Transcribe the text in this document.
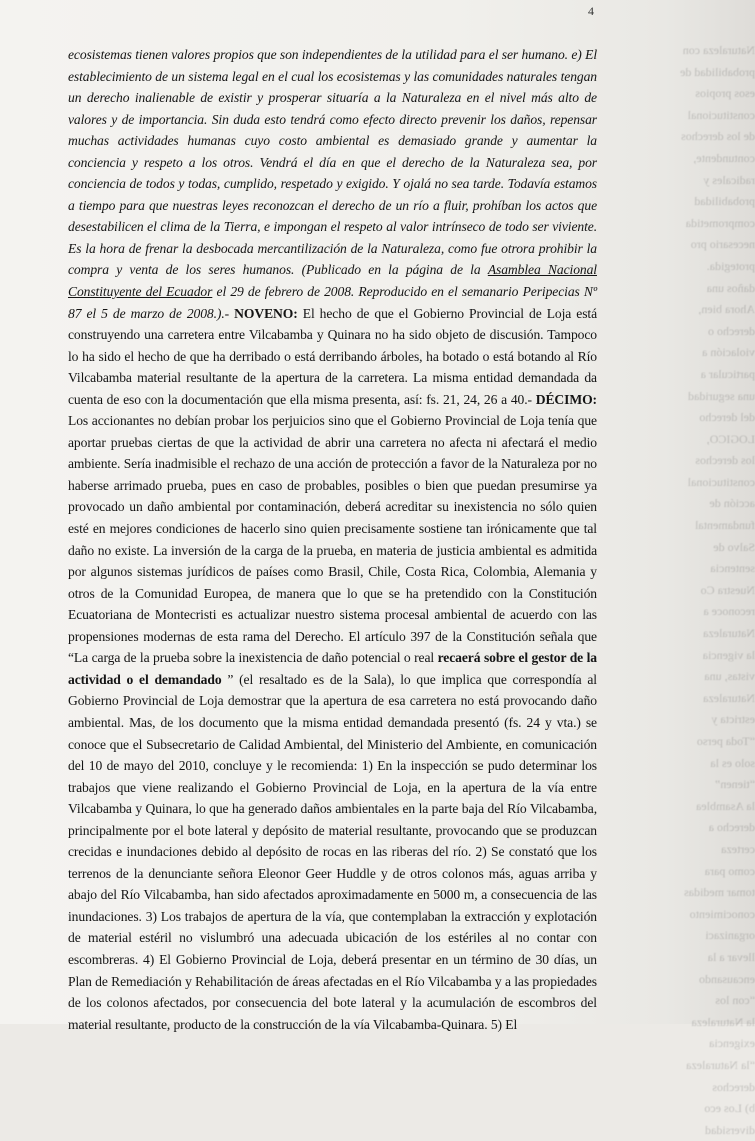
Naturaleza con
probabilidad de
esos propios
constitucional
de los derechos
contundente,
radicales y
probabilidad
comprometida
necesario pro
protegida.
daños una
Ahora bien,
derecho o
violación a
particular a
una seguridad
del derecho
LOGICO,
los derechos
constitucional
acción de
fundamental
Salvo de
sentencia
Nuestra Co
reconoce a
Naturaleza
la vigencia
vistas, una
Naturaleza
estricta y
“Toda perso
solo es la
“tienen”
la Asamblea
derecho a
certeza
como para
tomar medidas
conocimiento
organizaci
llevar a la
encausando
“con los
la Naturaleza
exigencia
“la Naturaleza
derechos
b) Los eco
diversidad
4

ecosistemas tienen valores propios que son independientes de la utilidad para el ser humano. e) El establecimiento de un sistema legal en el cual los ecosistemas y las comunidades naturales tengan un derecho inalienable de existir y prosperar situaría a la Naturaleza en el nivel más alto de valores y de importancia. Sin duda esto tendrá como efecto directo prevenir los daños, repensar muchas actividades humanas cuyo costo ambiental es demasiado grande y aumentar la conciencia y respeto a los otros. Vendrá el día en que el derecho de la Naturaleza sea, por conciencia de todos y todas, cumplido, respetado y exigido. Y ojalá no sea tarde. Todavía estamos a tiempo para que nuestras leyes reconozcan el derecho de un río a fluir, prohíban los actos que desestabilicen el clima de la Tierra, e impongan el respeto al valor intrínseco de todo ser viviente. Es la hora de frenar la desbocada mercantilización de la Naturaleza, como fue otrora prohibir la compra y venta de los seres humanos. (Publicado en la página de la Asamblea Nacional Constituyente del Ecuador el 29 de febrero de 2008. Reproducido en el semanario Peripecias Nº 87 el 5 de marzo de 2008.).- NOVENO: El hecho de que el Gobierno Provincial de Loja está construyendo una carretera entre Vilcabamba y Quinara no ha sido objeto de discusión. Tampoco lo ha sido el hecho de que ha derribado o está derribando árboles, ha botado o está botando al Río Vilcabamba material resultante de la apertura de la carretera. La misma entidad demandada da cuenta de eso con la documentación que ella misma presenta, así: fs. 21, 24, 26 a 40.- DÉCIMO: Los accionantes no debían probar los perjuicios sino que el Gobierno Provincial de Loja tenía que aportar pruebas ciertas de que la actividad de abrir una carretera no afecta ni afectará el medio ambiente. Sería inadmisible el rechazo de una acción de protección a favor de la Naturaleza por no haberse arrimado prueba, pues en caso de probables, posibles o bien que puedan presumirse ya provocado un daño ambiental por contaminación, deberá acreditar su inexistencia no sólo quien esté en mejores condiciones de hacerlo sino quien precisamente sostiene tan irónicamente que tal daño no existe. La inversión de la carga de la prueba, en materia de justicia ambiental es admitida por algunos sistemas jurídicos de países como Brasil, Chile, Costa Rica, Colombia, Alemania y otros de la Comunidad Europea, de manera que lo que se ha pretendido con la Constitución Ecuatoriana de Montecristi es actualizar nuestro sistema procesal ambiental de acuerdo con las propensiones modernas de esta rama del Derecho. El artículo 397 de la Constitución señala que “La carga de la prueba sobre la inexistencia de daño potencial o real recaerá sobre el gestor de la actividad o el demandado ” (el resaltado es de la Sala), lo que implica que correspondía al Gobierno Provincial de Loja demostrar que la apertura de esa carretera no está provocando daño ambiental. Mas, de los documento que la misma entidad demandada presentó (fs. 24 y vta.) se conoce que el Subsecretario de Calidad Ambiental, del Ministerio del Ambiente, en comunicación del 10 de mayo del 2010, concluye y le recomienda: 1) En la inspección se pudo determinar los trabajos que viene realizando el Gobierno Provincial de Loja, en la apertura de la vía entre Vilcabamba y Quinara, lo que ha generado daños ambientales en la parte baja del Río Vilcabamba, principalmente por el bote lateral y depósito de material resultante, provocando que se produzcan crecidas e inundaciones debido al depósito de rocas en las riberas del río. 2) Se constató que los terrenos de la denunciante señora Eleonor Geer Huddle y de otros colonos más, aguas arriba y abajo del Río Vilcabamba, han sido afectados aproximadamente en 5000 m, a consecuencia de las inundaciones. 3) Los trabajos de apertura de la vía, que contemplaban la extracción y explotación de material estéril no vislumbró una adecuada ubicación de los estériles al no contar con escombreras. 4) El Gobierno Provincial de Loja, deberá presentar en un término de 30 días, un Plan de Remediación y Rehabilitación de áreas afectadas en el Río Vilcabamba y a las propiedades de los colonos afectados, por consecuencia del bote lateral y la acumulación de escombros del material resultante, producto de la construcción de la vía Vilcabamba-Quinara. 5) El
